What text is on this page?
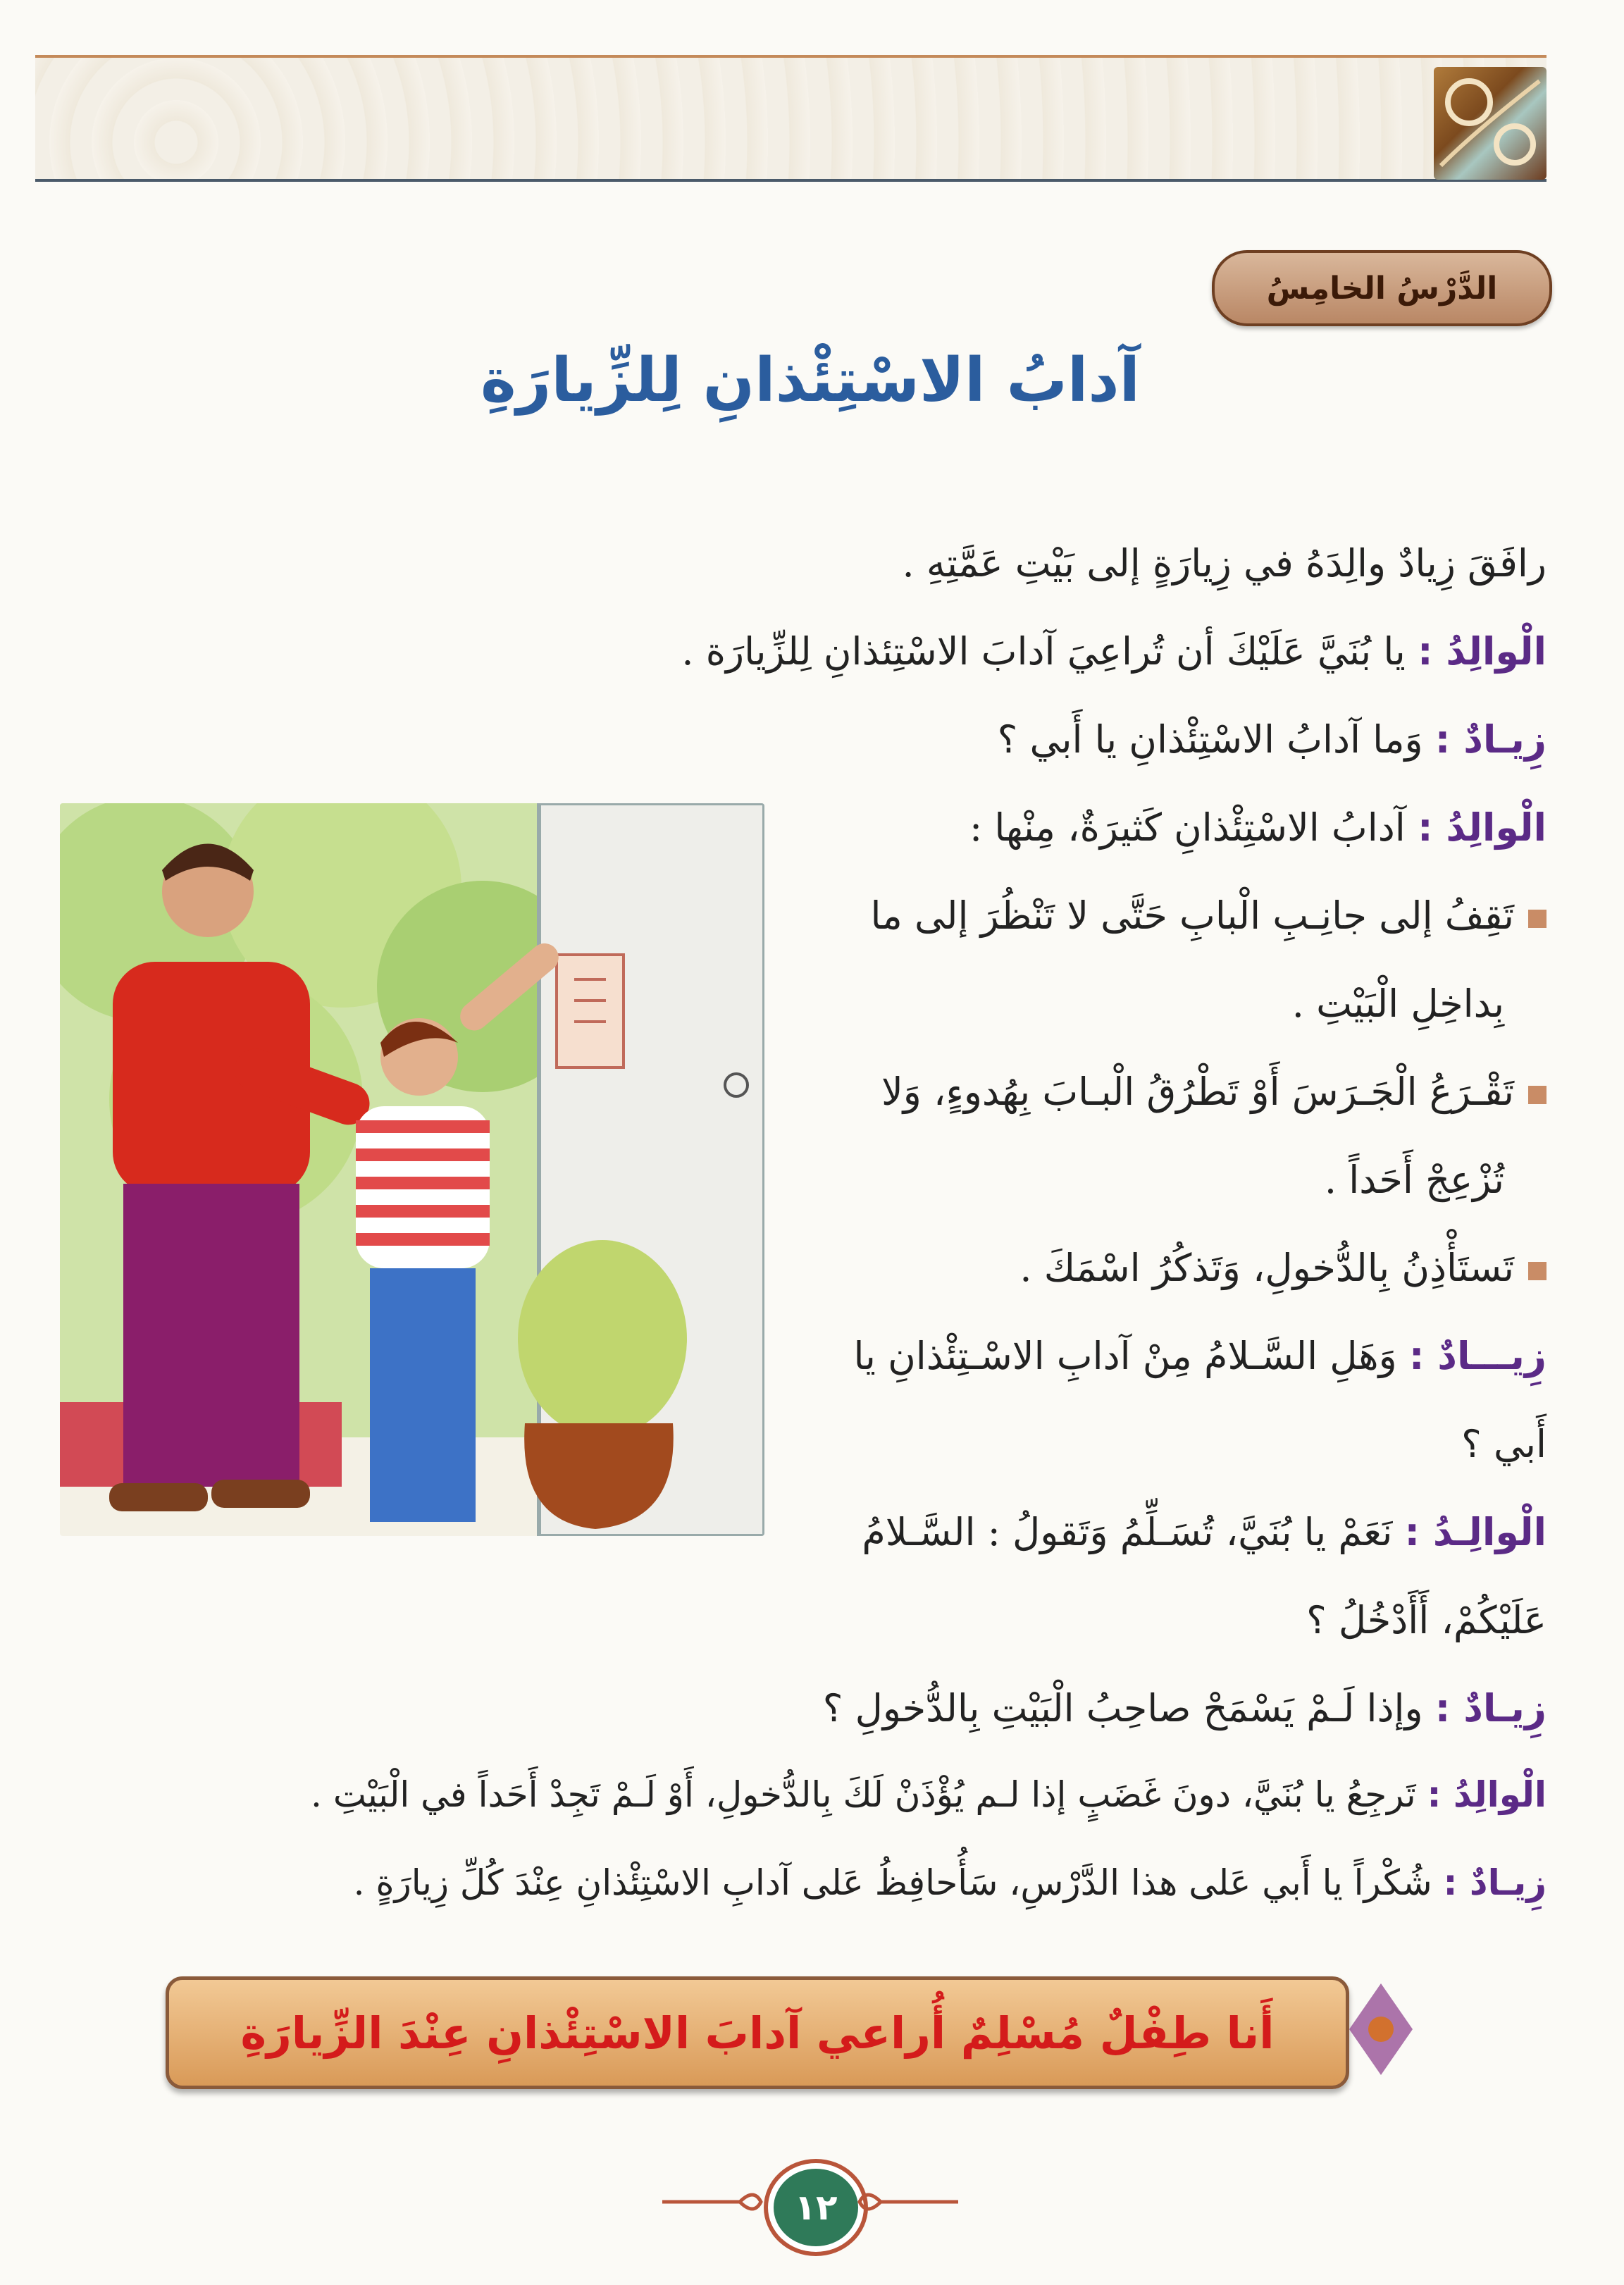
الدَّرْسُ الخامِسُ
آدابُ الاسْتِئْذانِ لِلزِّيارَةِ
رافَقَ زِيادٌ والِدَهُ في زِيارَةٍ إلى بَيْتِ عَمَّتِهِ .
الْوالِدُ : يا بُنَيَّ عَلَيْكَ أن تُراعِيَ آدابَ الاسْتِئذانِ لِلزِّيارَة .
زِيـادٌ : وَما آدابُ الاسْتِئْذانِ يا أَبي ؟
الْوالِدُ : آدابُ الاسْتِئْذانِ كَثيرَةٌ، مِنْها :
تَقِفُ إلى جانِـبِ الْبابِ حَتَّى لا تَنْظُرَ إلى ما
بِداخِلِ الْبَيْتِ .
تَقْـرَعُ الْجَـرَسَ أَوْ تَطْرُقُ الْبـابَ بِهُدوءٍ، وَلا
تُزْعِجْ أَحَداً .
تَستَأْذِنُ بِالدُّخولِ، وَتَذكُرُ اسْمَكَ .
زِيـــادٌ : وَهَلِ السَّـلامُ مِنْ آدابِ الاسْـتِئْذانِ يا
أَبي ؟
الْوالِـدُ : نَعَمْ يا بُنَيَّ، تُسَـلِّمُ وَتَقولُ : السَّـلامُ
عَلَيْكُمْ، أَأَدْخُلُ ؟
زِيـادٌ : وإذا لَـمْ يَسْمَحْ صاحِبُ الْبَيْتِ بِالدُّخولِ ؟
الْوالِدُ : تَرجِعُ يا بُنَيَّ، دونَ غَضَبٍ إذا لـم يُؤْذَنْ لَكَ بِالدُّخولِ، أَوْ لَـمْ تَجِدْ أَحَداً في الْبَيْتِ .
زِيـادٌ : شُكْراً يا أَبي عَلى هذا الدَّرْسِ، سَأُحافِظُ عَلى آدابِ الاسْتِئْذانِ عِنْدَ كُلِّ زِيارَةٍ .
أَنا طِفْلٌ مُسْلِمٌ أُراعي آدابَ الاسْتِئْذانِ عِنْدَ الزِّيارَةِ
١٢
